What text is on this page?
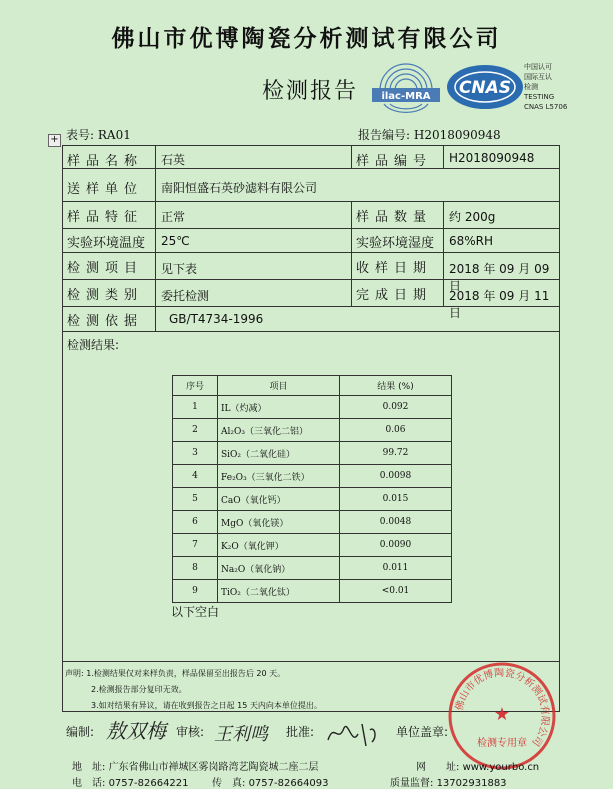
佛山市优博陶瓷分析测试有限公司
检测报告 ilac-MRA CNAS
中国认可
国际互认
检测
TESTING
CNAS L5706
+ 表号: RA01	报告编号: H2018090948
样品名称 石英	样品编号 H2018090948
送样单位 南阳恒盛石英砂滤料有限公司
样品特征 正常	样品数量 约 200g
实验环境温度 25℃	实验环境湿度 68%RH
检测项目 见下表	收样日期 2018 年 09 月 09 日
检测类别 委托检测	完成日期 2018 年 09 月 11 日
检测依据 GB/T4734-1996
检测结果:
序号	项目	结果 (%)
1	IL（灼减）	0.092
2	Al₂O₃（三氧化二铝）	0.06
3	SiO₂（二氧化硅）	99.72
4	Fe₂O₃（三氧化二铁）	0.0098
5	CaO（氧化钙）	0.015
6	MgO（氧化镁）	0.0048
7	K₂O（氧化钾）	0.0090
8	Na₂O（氧化钠）	0.011
9	TiO₂（二氧化钛）	<0.01
以下空白
声明: 1.检测结果仅对来样负责，样品保留至出报告后 20 天。
2.检测报告部分复印无效。
3.如对结果有异议，请在收到报告之日起 15 天内向本单位提出。	佛山市优博陶瓷分析测试有限公司
★
检测专用章
编制: 敖双梅 审核: 王利鸣 批准:	单位盖章:
地　址: 广东省佛山市禅城区雾岗路湾艺陶瓷城二座二层	网　　址: www.yourbo.cn
电　话: 0757-82664221 传　真: 0757-82664093	质量监督: 13702931883
